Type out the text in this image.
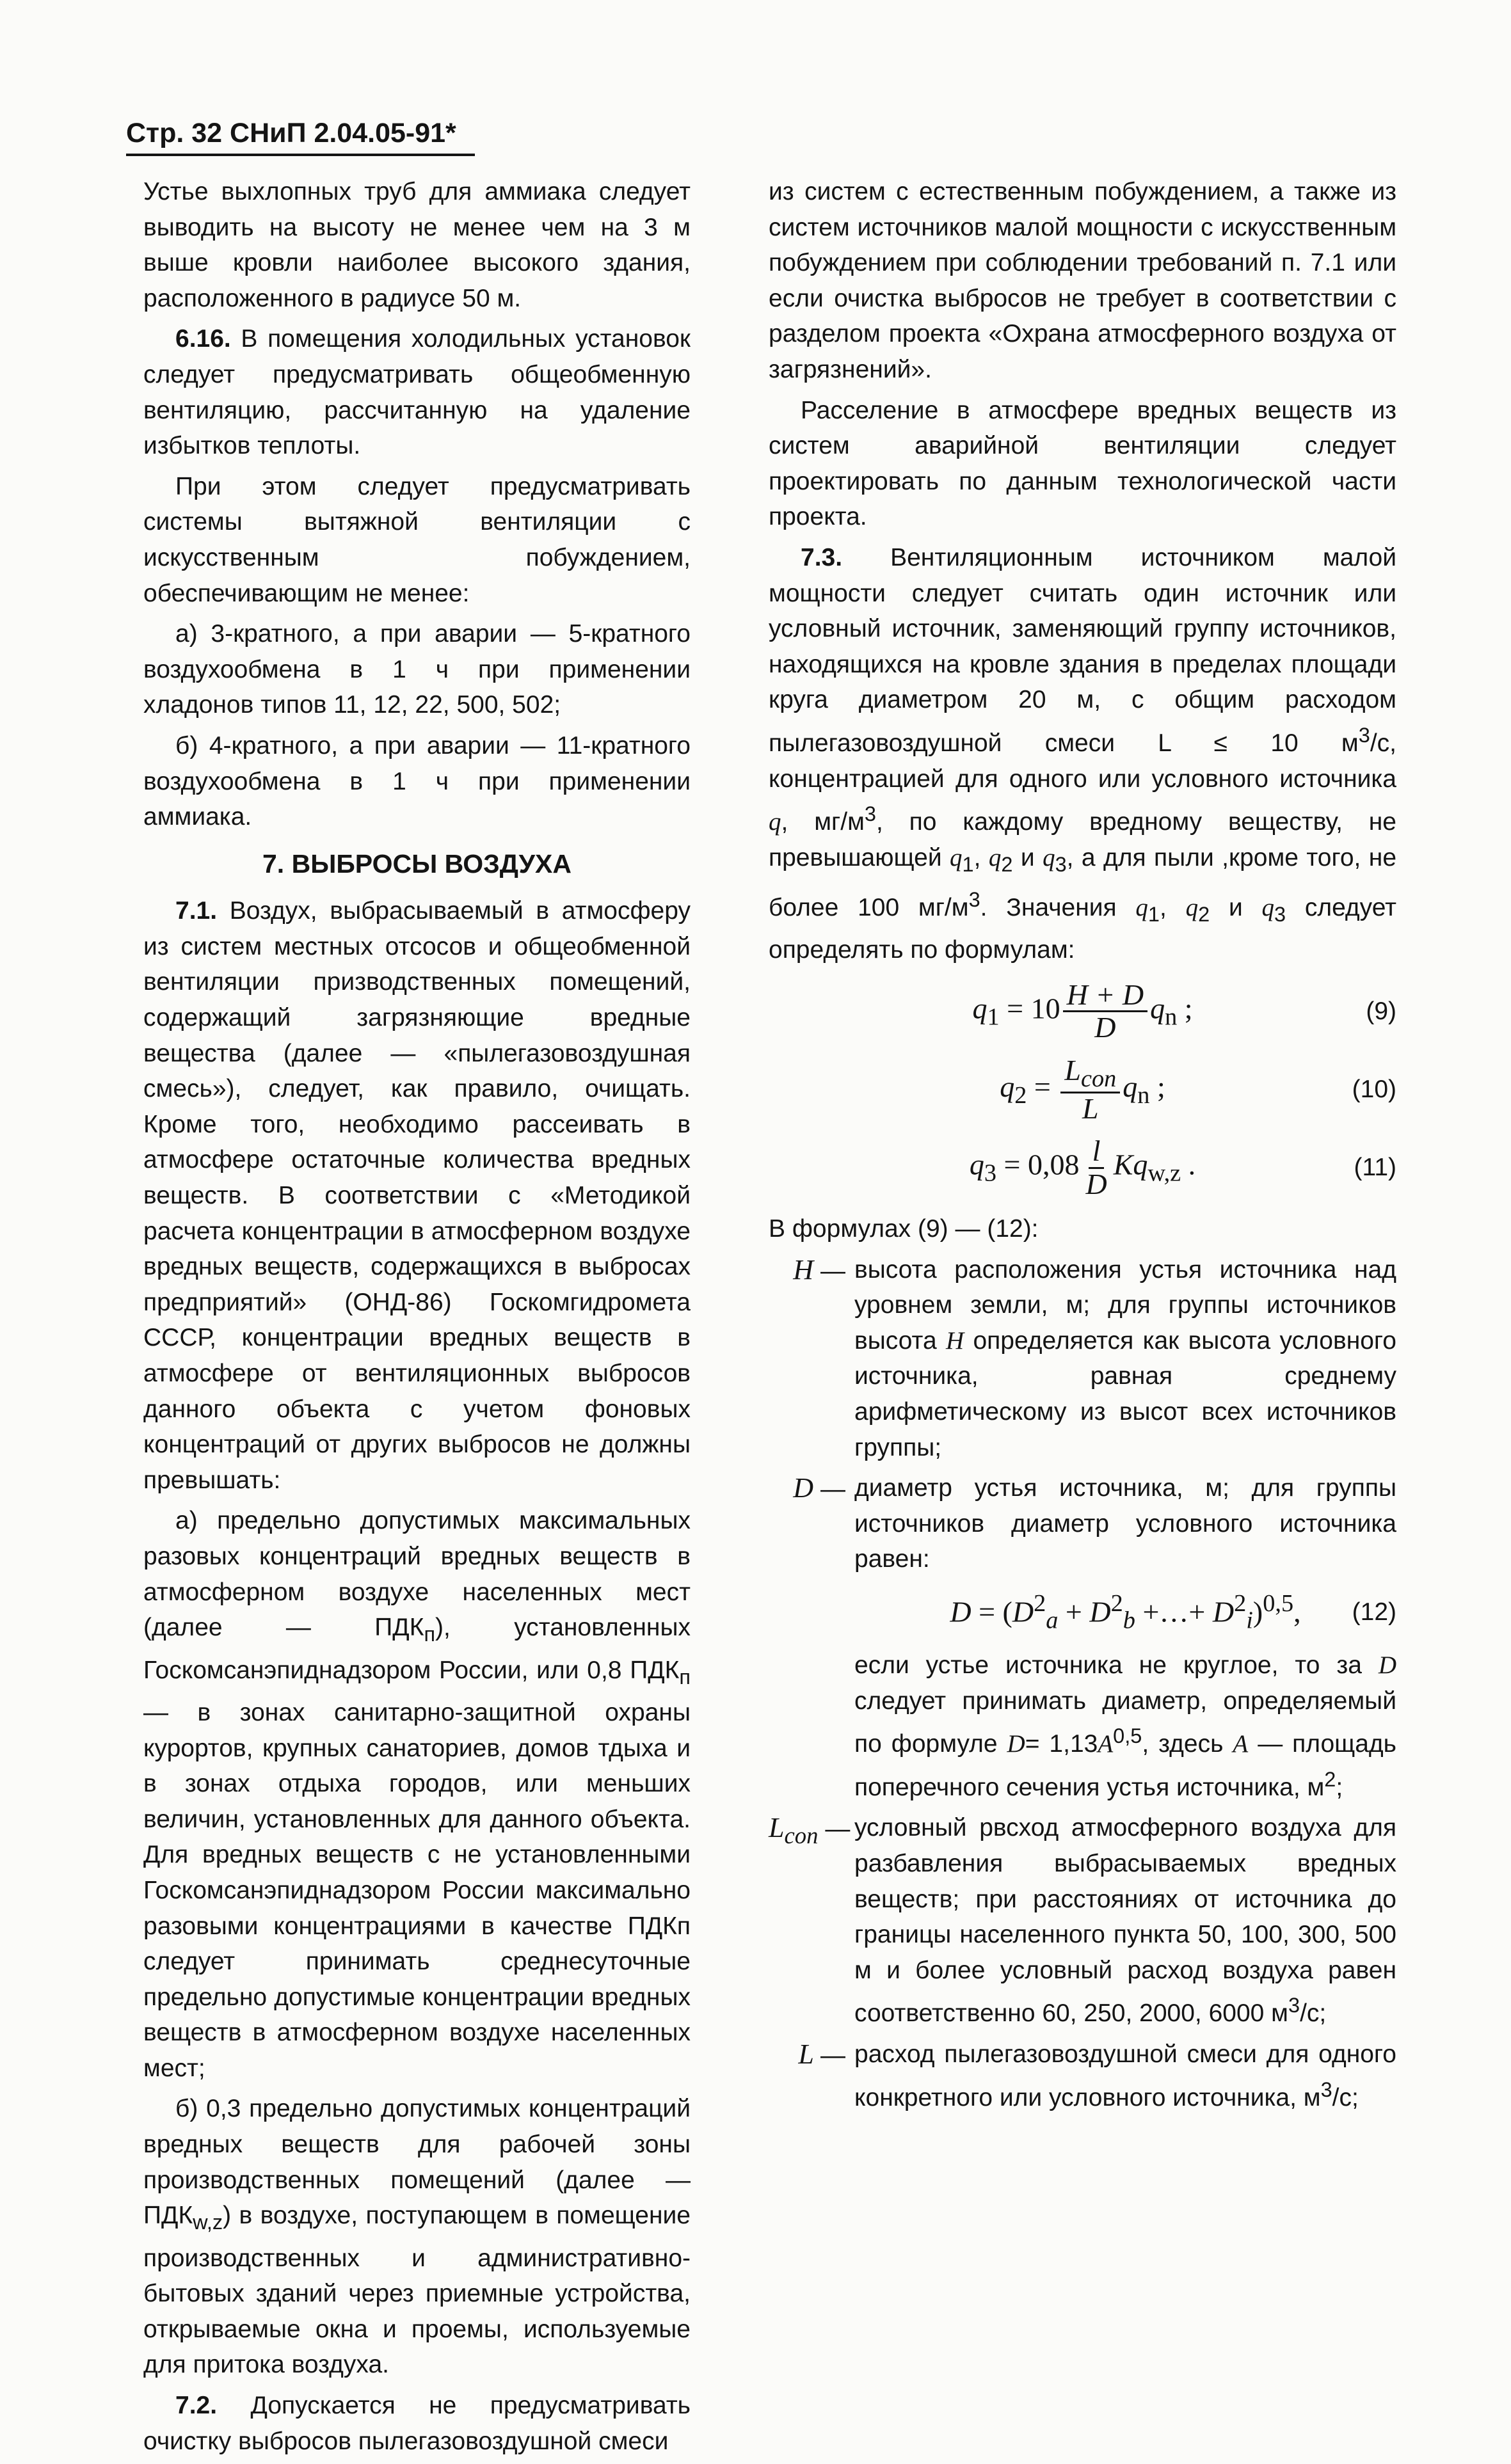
Стр. 32 СНиП 2.04.05-91*

Устье выхлопных труб для аммиака следует выводить на высоту не менее чем на 3 м выше кровли наиболее высокого здания, расположенного в радиусе 50 м.

6.16. В помещения холодильных установок следует предусматривать общеобменную вентиляцию, рассчитанную на удаление избытков теплоты.

При этом следует предусматривать системы вытяжной вентиляции с искусственным побуждением, обеспечивающим не менее:

а) 3-кратного, а при аварии — 5-кратного воздухообмена в 1 ч при применении хладонов типов 11, 12, 22, 500, 502;

б) 4-кратного, а при аварии — 11-кратного воздухообмена в 1 ч при применении аммиака.

7. ВЫБРОСЫ ВОЗДУХА

7.1. Воздух, выбрасываемый в атмосферу из систем местных отсосов и общеобменной вентиляции призводственных помещений, содержащий загрязняющие вредные вещества (далее — «пылегазовоздушная смесь»), следует, как правило, очищать. Кроме того, необходимо рассеивать в атмосфере остаточные количества вредных веществ. В соответствии с «Методикой расчета концентрации в атмосферном воздухе вредных веществ, содержащихся в выбросах предприятий» (ОНД-86) Госкомгидромета СССР, концентрации вредных веществ в атмосфере от вентиляционных выбросов данного объекта с учетом фоновых концентраций от других выбросов не должны превышать:

а) предельно допустимых максимальных разовых концентраций вредных веществ в атмосферном воздухе населенных мест (далее — $ПДК_п$), установленных Госкомсанэпиднадзором России, или 0,8 $ПДК_п$ — в зонах санитарно-защитной охраны курортов, крупных санаториев, домов тдыха и в зонах отдыха городов, или меньших величин, установленных для данного объекта. Для вредных веществ с не установленными Госкомсанэпиднадзором России максимально разовыми концентрациями в качестве ПДКп следует принимать среднесуточные предельно допустимые концентрации вредных веществ в атмосферном воздухе населенных мест;

б) 0,3 предельно допустимых концентраций вредных веществ для рабочей зоны производственных помещений (далее — $ПДК_{w,z}$) в воздухе, поступающем в помещение производственных и административно-бытовых зданий через приемные устройства, открываемые окна и проемы, используемые для притока воздуха.

7.2. Допускается не предусматривать очистку выбросов пылегазовоздушной смеси

из систем с естественным побуждением, а также из систем источников малой мощности с искусственным побуждением при соблюдении требований п. 7.1 или если очистка выбросов не требует в соответствии с разделом проекта «Охрана атмосферного воздуха от загрязнений».

Расселение в атмосфере вредных веществ из систем аварийной вентиляции следует проектировать по данным технологической части проекта.

7.3. Вентиляционным источником малой мощности следует считать один источник или условный источник, заменяющий группу источников, находящихся на кровле здания в пределах площади круга диаметром 20 м, с общим расходом пылегазовоздушной смеси L ≤ 10 $м^3/с$, концентрацией для одного или условного источника q, $мг/м^3$, по каждому вредному веществу, не превышающей $q_1$, $q_2$ и $q_3$, а для пыли ,кроме того, не более 100 $мг/м^3$. Значения $q_1$, $q_2$ и $q_3$ следует определять по формулам:

$q_1 = 10 \frac{H + D}{D} q_n$ ;	(9)
$q_2 = \frac{L_{con}}{L} q_n$ ;	(10)
$q_3 = 0,08 \frac{l}{D} Kq_{w,z}$ .	(11)

В формулах (9) — (12):

H — высота расположения устья источника над уровнем земли, м; для группы источников высота H определяется как высота условного источника, равная среднему арифметическому из высот всех источников группы;
D — диаметр устья источника, м; для группы источников диаметр условного источника равен:
$D = (D^2_a + D^2_b$ +…+ $D^2_i)^{0,5}$, (12)
если устье источника не круглое, то за D следует принимать диаметр, определяемый по формуле $D= 1,13A^{0,5}$, здесь A — площадь поперечного сечения устья источника, $м^2$;
$L_{con}$ — условный рвсход атмосферного воздуха для разбавления выбрасываемых вредных веществ; при расстояниях от источника до границы населенного пункта 50, 100, 300, 500 м и более условный расход воздуха равен соответственно 60, 250, 2000, 6000 $м^3/с$;
L — расход пылегазовоздушной смеси для одного конкретного или условного источника, $м^3/с$;
